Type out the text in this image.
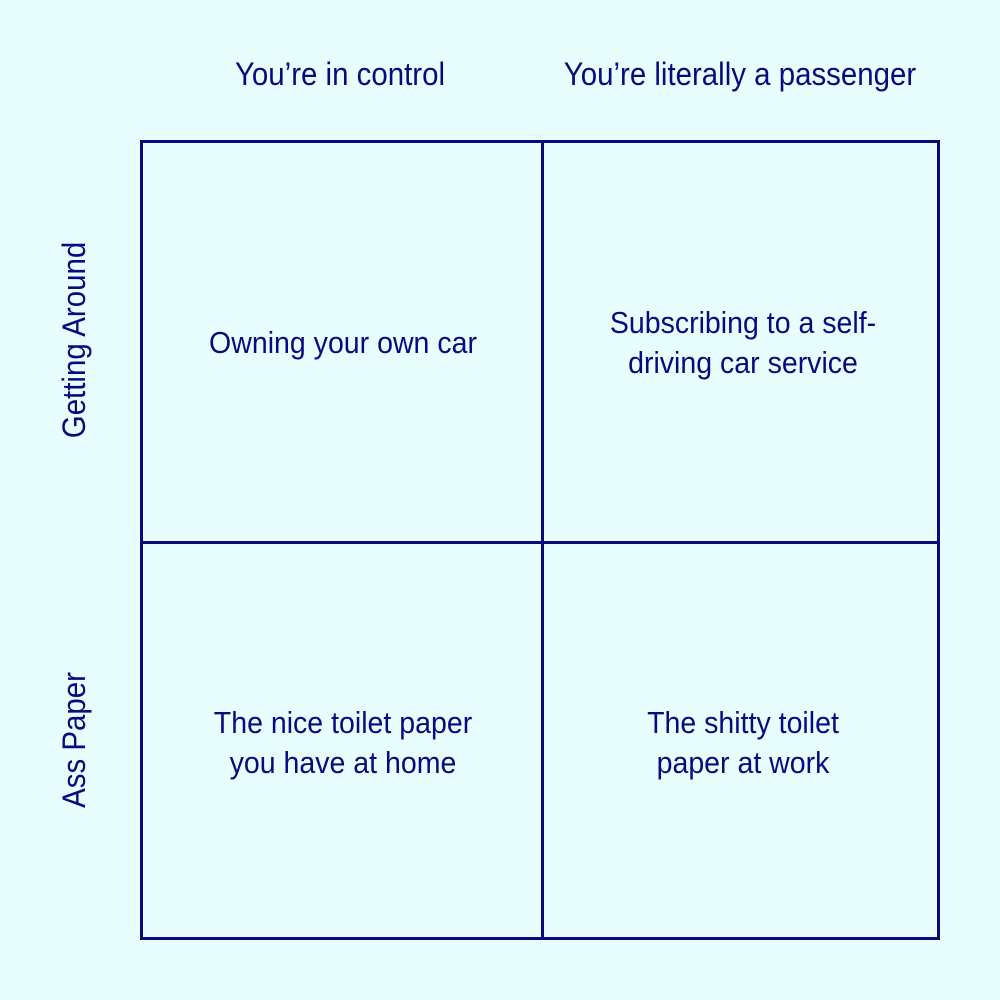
You’re in control	You’re literally a passenger
Getting Around
Ass Paper
Owning your own car
Subscribing to a self-
driving car service
The nice toilet paper
you have at home
The shitty toilet
paper at work
